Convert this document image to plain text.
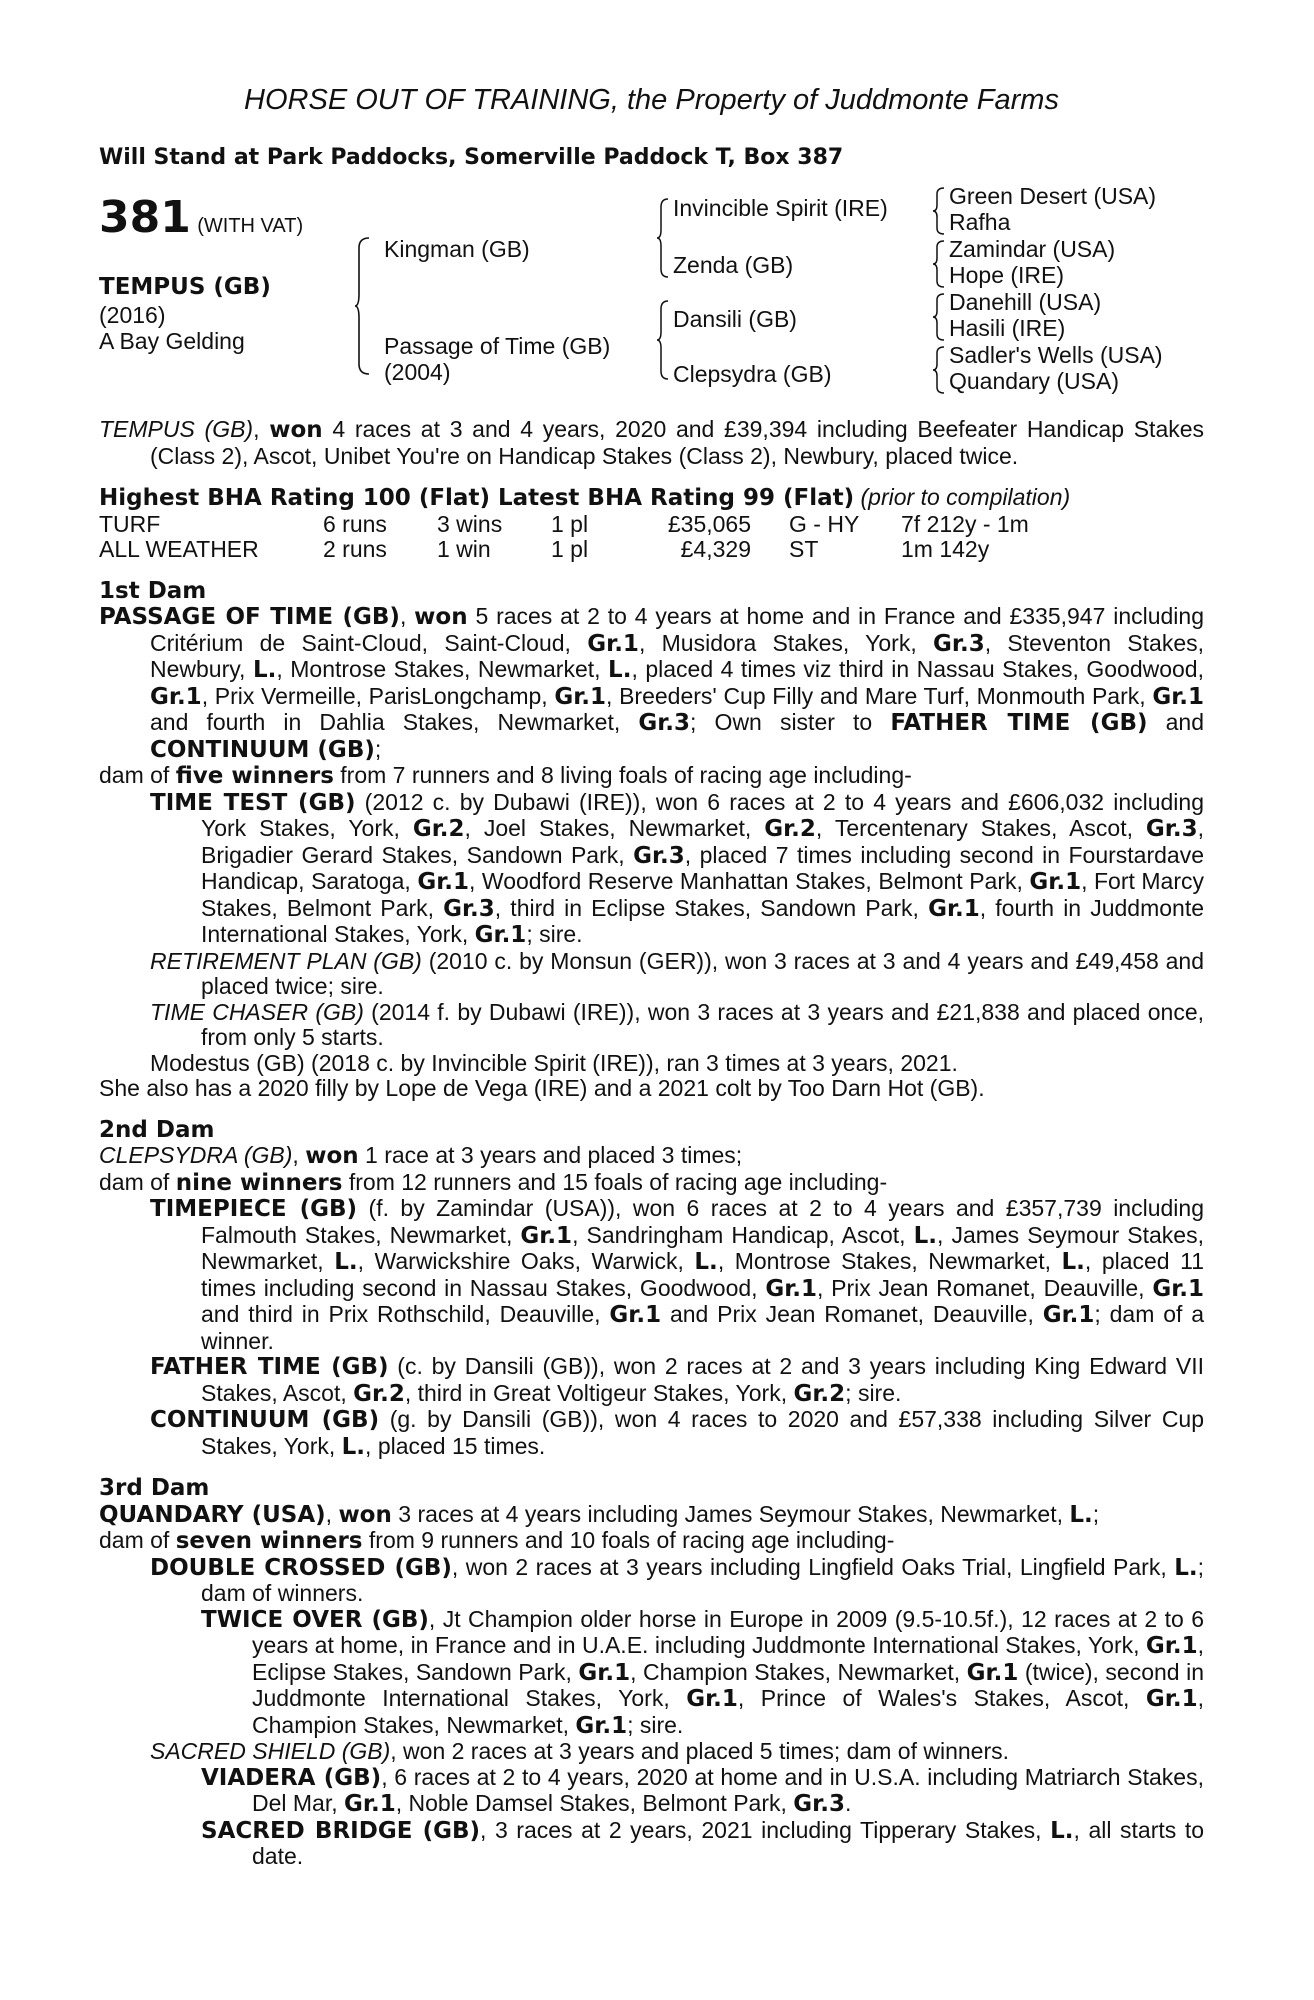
HORSE OUT OF TRAINING, the Property of Juddmonte Farms
Will Stand at Park Paddocks, Somerville Paddock T, Box 387
381 (WITH VAT)
TEMPUS (GB)
(2016)
A Bay Gelding
Kingman (GB)
Passage of Time (GB)
(2004)
Invincible Spirit (IRE)
Zenda (GB)
Dansili (GB)
Clepsydra (GB)
Green Desert (USA)
Rafha
Zamindar (USA)
Hope (IRE)
Danehill (USA)
Hasili (IRE)
Sadler's Wells (USA)
Quandary (USA)

TEMPUS (GB), won 4 races at 3 and 4 years, 2020 and £39,394 including Beefeater Handicap Stakes (Class 2), Ascot, Unibet You're on Handicap Stakes (Class 2), Newbury, placed twice.

Highest BHA Rating 100 (Flat) Latest BHA Rating 99 (Flat) (prior to compilation)
TURF	6 runs	3 wins	1 pl	£35,065		G - HY	7f 212y - 1m
ALL WEATHER	2 runs	1 win	1 pl	£4,329		ST	1m 142y
1st Dam

PASSAGE OF TIME (GB), won 5 races at 2 to 4 years at home and in France and £335,947 including Critérium de Saint-Cloud, Saint-Cloud, Gr.1, Musidora Stakes, York, Gr.3, Steventon Stakes, Newbury, L., Montrose Stakes, Newmarket, L., placed 4 times viz third in Nassau Stakes, Goodwood, Gr.1, Prix Vermeille, ParisLongchamp, Gr.1, Breeders' Cup Filly and Mare Turf, Monmouth Park, Gr.1 and fourth in Dahlia Stakes, Newmarket, Gr.3; Own sister to FATHER TIME (GB) and CONTINUUM (GB);

dam of five winners from 7 runners and 8 living foals of racing age including-

TIME TEST (GB) (2012 c. by Dubawi (IRE)), won 6 races at 2 to 4 years and £606,032 including York Stakes, York, Gr.2, Joel Stakes, Newmarket, Gr.2, Tercentenary Stakes, Ascot, Gr.3, Brigadier Gerard Stakes, Sandown Park, Gr.3, placed 7 times including second in Fourstardave Handicap, Saratoga, Gr.1, Woodford Reserve Manhattan Stakes, Belmont Park, Gr.1, Fort Marcy Stakes, Belmont Park, Gr.3, third in Eclipse Stakes, Sandown Park, Gr.1, fourth in Juddmonte International Stakes, York, Gr.1; sire.

RETIREMENT PLAN (GB) (2010 c. by Monsun (GER)), won 3 races at 3 and 4 years and £49,458 and placed twice; sire.

TIME CHASER (GB) (2014 f. by Dubawi (IRE)), won 3 races at 3 years and £21,838 and placed once, from only 5 starts.

Modestus (GB) (2018 c. by Invincible Spirit (IRE)), ran 3 times at 3 years, 2021.

She also has a 2020 filly by Lope de Vega (IRE) and a 2021 colt by Too Darn Hot (GB).

2nd Dam

CLEPSYDRA (GB), won 1 race at 3 years and placed 3 times;

dam of nine winners from 12 runners and 15 foals of racing age including-

TIMEPIECE (GB) (f. by Zamindar (USA)), won 6 races at 2 to 4 years and £357,739 including Falmouth Stakes, Newmarket, Gr.1, Sandringham Handicap, Ascot, L., James Seymour Stakes, Newmarket, L., Warwickshire Oaks, Warwick, L., Montrose Stakes, Newmarket, L., placed 11 times including second in Nassau Stakes, Goodwood, Gr.1, Prix Jean Romanet, Deauville, Gr.1 and third in Prix Rothschild, Deauville, Gr.1 and Prix Jean Romanet, Deauville, Gr.1; dam of a winner.

FATHER TIME (GB) (c. by Dansili (GB)), won 2 races at 2 and 3 years including King Edward VII Stakes, Ascot, Gr.2, third in Great Voltigeur Stakes, York, Gr.2; sire.

CONTINUUM (GB) (g. by Dansili (GB)), won 4 races to 2020 and £57,338 including Silver Cup Stakes, York, L., placed 15 times.

3rd Dam

QUANDARY (USA), won 3 races at 4 years including James Seymour Stakes, Newmarket, L.;

dam of seven winners from 9 runners and 10 foals of racing age including-

DOUBLE CROSSED (GB), won 2 races at 3 years including Lingfield Oaks Trial, Lingfield Park, L.; dam of winners.

TWICE OVER (GB), Jt Champion older horse in Europe in 2009 (9.5-10.5f.), 12 races at 2 to 6 years at home, in France and in U.A.E. including Juddmonte International Stakes, York, Gr.1, Eclipse Stakes, Sandown Park, Gr.1, Champion Stakes, Newmarket, Gr.1 (twice), second in Juddmonte International Stakes, York, Gr.1, Prince of Wales's Stakes, Ascot, Gr.1, Champion Stakes, Newmarket, Gr.1; sire.

SACRED SHIELD (GB), won 2 races at 3 years and placed 5 times; dam of winners.

VIADERA (GB), 6 races at 2 to 4 years, 2020 at home and in U.S.A. including Matriarch Stakes, Del Mar, Gr.1, Noble Damsel Stakes, Belmont Park, Gr.3.

SACRED BRIDGE (GB), 3 races at 2 years, 2021 including Tipperary Stakes, L., all starts to date.
